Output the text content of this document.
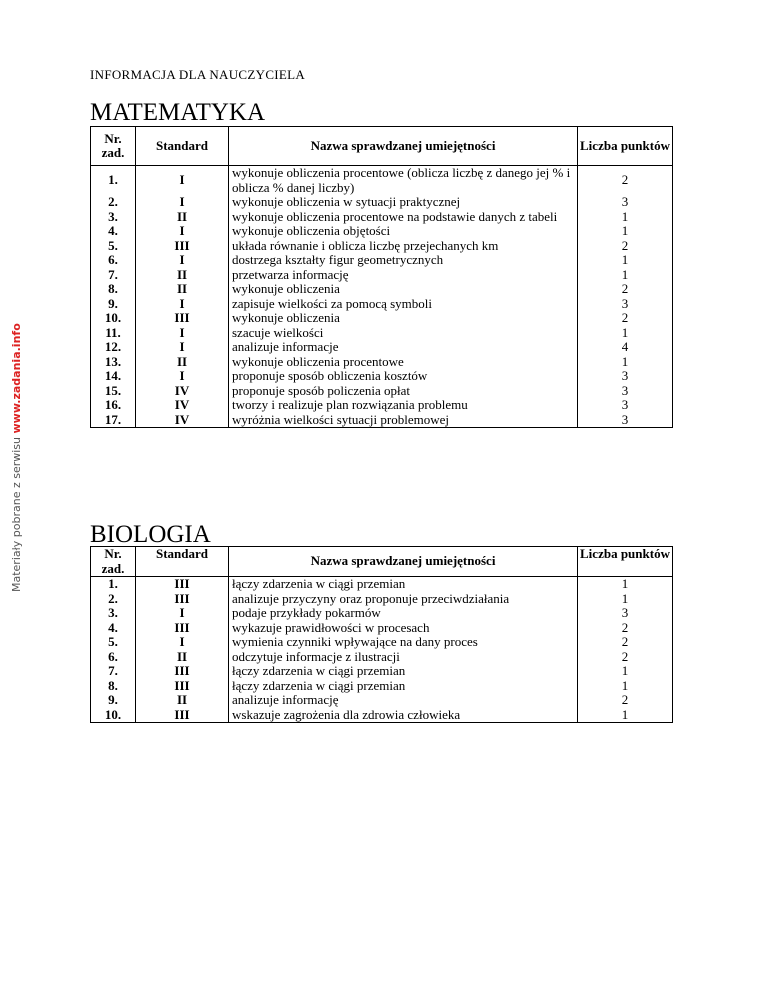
Materiały pobrane z serwisu www.zadania.info
INFORMACJA DLA NAUCZYCIELA
MATEMATYKA
Nr. zad.	Standard	Nazwa sprawdzanej umiejętności	Liczba punktów
1.	I	wykonuje obliczenia procentowe (oblicza liczbę z danego jej % i oblicza % danej liczby)	2
2.	I	wykonuje obliczenia w sytuacji praktycznej	3
3.	II	wykonuje obliczenia procentowe na podstawie danych z tabeli	1
4.	I	wykonuje obliczenia objętości	1
5.	III	układa równanie i oblicza liczbę przejechanych km	2
6.	I	dostrzega kształty figur geometrycznych	1
7.	II	przetwarza informację	1
8.	II	wykonuje obliczenia	2
9.	I	zapisuje wielkości za pomocą symboli	3
10.	III	wykonuje obliczenia	2
11.	I	szacuje wielkości	1
12.	I	analizuje informacje	4
13.	II	wykonuje obliczenia procentowe	1
14.	I	proponuje sposób obliczenia kosztów	3
15.	IV	proponuje sposób policzenia opłat	3
16.	IV	tworzy i realizuje plan rozwiązania problemu	3
17.	IV	wyróżnia wielkości sytuacji problemowej	3
BIOLOGIA
Nr. zad.	Standard	Nazwa sprawdzanej umiejętności	Liczba punktów
1.	III	łączy zdarzenia w ciągi przemian	1
2.	III	analizuje przyczyny oraz proponuje przeciwdziałania	1
3.	I	podaje przykłady pokarmów	3
4.	III	wykazuje prawidłowości w procesach	2
5.	I	wymienia czynniki wpływające na dany proces	2
6.	II	odczytuje informacje z ilustracji	2
7.	III	łączy zdarzenia w ciągi przemian	1
8.	III	łączy zdarzenia w ciągi przemian	1
9.	II	analizuje informację	2
10.	III	wskazuje zagrożenia dla zdrowia człowieka	1
